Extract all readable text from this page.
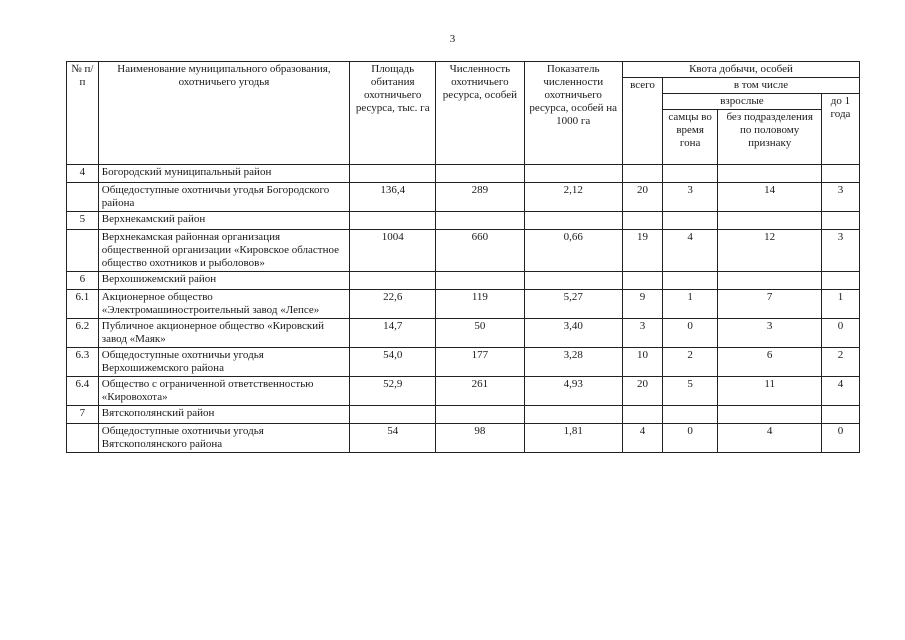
3
№ п/п	Наименование муниципального образования, охотничьего угодья	Площадь обитания охотничьего ресурса, тыс. га	Численность охотничьего ресурса, особей	Показатель численности охотничьего ресурса, особей на 1000 га	Квота добычи, особей			
					всего	в том числе		
						взрослые		до 1 года
						самцы во время гона	без подразделения по половому признаку	
4	Богородский муниципальный район							
	Общедоступные охотничьи угодья Богородского района	136,4	289	2,12	20	3	14	3
5	Верхнекамский район							
	Верхнекамская районная организация общественной организации «Кировское областное общество охотников и рыболовов»	1004	660	0,66	19	4	12	3
6	Верхошижемский район							
6.1	Акционерное общество «Электромашиностроительный завод «Лепсе»	22,6	119	5,27	9	1	7	1
6.2	Публичное акционерное общество «Кировский завод «Маяк»	14,7	50	3,40	3	0	3	0
6.3	Общедоступные охотничьи угодья Верхошижемского района	54,0	177	3,28	10	2	6	2
6.4	Общество с ограниченной ответственностью «Кировохота»	52,9	261	4,93	20	5	11	4
7	Вятскополянский район							
	Общедоступные охотничьи угодья Вятскополянского района	54	98	1,81	4	0	4	0
